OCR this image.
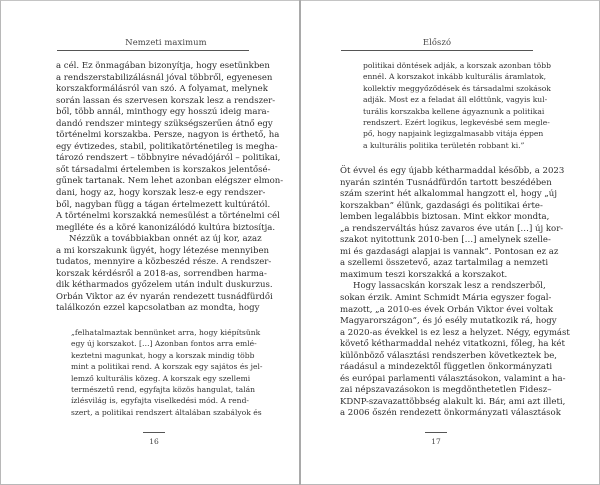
Nemzeti maximum
a cél. Ez önmagában bizonyítja, hogy esetünkben
a rendszerstabilizálásnál jóval többről, egyenesen
korszakformálásról van szó. A folyamat, melynek
során lassan és szervesen korszak lesz a rendszer-
ből, több annál, minthogy egy hosszú ideig mara-
dandó rendszer mintegy szükségszerűen átnő egy
történelmi korszakba. Persze, nagyon is érthető, ha
egy évtizedes, stabil, politikatörténetileg is megha-
tározó rendszert – többnyire névadójáról – politikai,
sőt társadalmi értelemben is korszakos jelentősé-
gűnek tartanak. Nem lehet azonban elégszer elmon-
dani, hogy az, hogy korszak lesz-e egy rendszer-
ből, nagyban függ a tágan értelmezett kultúrától.
A történelmi korszakká nemesülést a történelmi cél
meglléte és a köré kanonizálódó kultúra biztosítja.
Nézzük a továbbiakban onnét az új kor, azaz
a mi korszakunk ügyét, hogy létezése mennyiben
tudatos, mennyire a közbeszéd része. A rendszer-
korszak kérdésről a 2018-as, sorrendben harma-
dik kétharmados győzelem után indult duskurzus.
Orbán Viktor az év nyarán rendezett tusnádfürdői
találkozón ezzel kapcsolatban az mondta, hogy
„felhatalmaztak bennünket arra, hogy kiépítsünk
egy új korszakot. […] Azonban fontos arra emlé-
keztetni magunkat, hogy a korszak mindig több
mint a politikai rend. A korszak egy sajátos és jel-
lemző kulturális közeg. A korszak egy szellemi
természetű rend, egyfajta közös hangulat, talán
ízlésvilág is, egyfajta viselkedési mód. A rend-
szert, a politikai rendszert általában szabályok és
16
Előszó
politikai döntések adják, a korszak azonban több
ennél. A korszakot inkább kulturális áramlatok,
kollektív meggyőződések és társadalmi szokások
adják. Most ez a feladat áll előttünk, vagyis kul-
turális korszakba kellene ágyaznunk a politikai
rendszert. Ezért logikus, legkevésbé sem megle-
pő, hogy napjaink legizgalmasabb vitája éppen
a kulturális politika területén robbant ki.”
Öt évvel és egy újabb kétharmaddal később, a 2023
nyarán szintén Tusnádfürdőn tartott beszédében
szám szerint hét alkalommal hangzott el, hogy „új
korszakban” élünk, gazdasági és politikai érte-
lemben legalábbis biztosan. Mint ekkor mondta,
„a rendszerváltás húsz zavaros éve után […] új kor-
szakot nyitottunk 2010-ben […] amelynek szelle-
mi és gazdasági alapjai is vannak”. Pontosan ez az
a szellemi összetevő, azaz tartalmilag a nemzeti
maximum teszi korszakká a korszakot.
Hogy lassacskán korszak lesz a rendszerből,
sokan érzik. Amint Schmidt Mária egyszer fogal-
mazott, „a 2010-es évek Orbán Viktor évei voltak
Magyarországon”, és jó esély mutatkozik rá, hogy
a 2020-as évekkel is ez lesz a helyzet. Négy, egymást
követő kétharmaddal nehéz vitatkozni, főleg, ha két
különböző választási rendszerben következtek be,
ráadásul a mindezektől független önkormányzati
és európai parlamenti választásokon, valamint a ha-
zai népszavazásokon is megdönthetetlen Fidesz–
KDNP-szavazattöbbség alakult ki. Bár, ami azt illeti,
a 2006 őszén rendezett önkormányzati választások
17
